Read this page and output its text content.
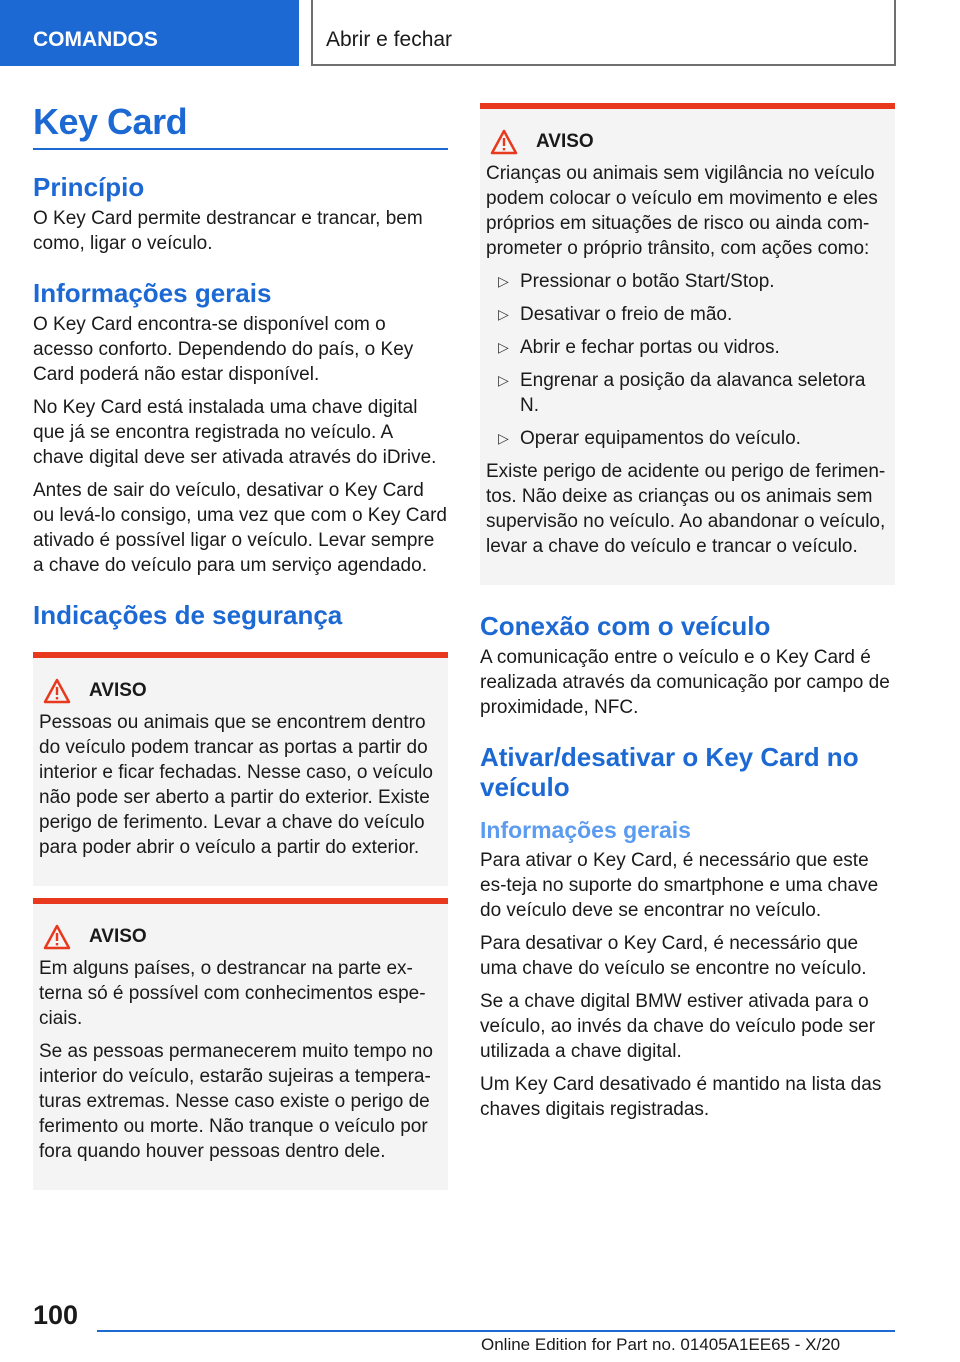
COMANDOS	Abrir e fechar
Key Card
Princípio
O Key Card permite destrancar e trancar, bem como, ligar o veículo.
Informações gerais
O Key Card encontra-se disponível com o acesso conforto. Dependendo do país, o Key Card poderá não estar disponível.
No Key Card está instalada uma chave digital que já se encontra registrada no veículo. A chave digital deve ser ativada através do iDrive.
Antes de sair do veículo, desativar o Key Card ou levá-lo consigo, uma vez que com o Key Card ativado é possível ligar o veículo. Levar sempre a chave do veículo para um serviço agendado.
Indicações de segurança
AVISO
Pessoas ou animais que se encontrem dentro do veículo podem trancar as portas a partir do interior e ficar fechadas. Nesse caso, o veículo não pode ser aberto a partir do exterior. Existe perigo de ferimento. Levar a chave do veículo para poder abrir o veículo a partir do exterior.
AVISO
Em alguns países, o destrancar na parte ex-terna só é possível com conhecimentos espe-ciais.
Se as pessoas permanecerem muito tempo no interior do veículo, estarão sujeiras a tempera-turas extremas. Nesse caso existe o perigo de ferimento ou morte. Não tranque o veículo por fora quando houver pessoas dentro dele.
AVISO
Crianças ou animais sem vigilância no veículo podem colocar o veículo em movimento e eles próprios em situações de risco ou ainda com-prometer o próprio trânsito, com ações como:
▷ Pressionar o botão Start/Stop.
▷ Desativar o freio de mão.
▷ Abrir e fechar portas ou vidros.
▷ Engrenar a posição da alavanca seletora N.
▷ Operar equipamentos do veículo.
Existe perigo de acidente ou perigo de ferimen-tos. Não deixe as crianças ou os animais sem supervisão no veículo. Ao abandonar o veículo, levar a chave do veículo e trancar o veículo.
Conexão com o veículo
A comunicação entre o veículo e o Key Card é realizada através da comunicação por campo de proximidade, NFC.
Ativar/desativar o Key Card no veículo
Informações gerais
Para ativar o Key Card, é necessário que este es-teja no suporte do smartphone e uma chave do veículo deve se encontrar no veículo.
Para desativar o Key Card, é necessário que uma chave do veículo se encontre no veículo.
Se a chave digital BMW estiver ativada para o veículo, ao invés da chave do veículo pode ser utilizada a chave digital.
Um Key Card desativado é mantido na lista das chaves digitais registradas.
100
Online Edition for Part no. 01405A1EE65 - X/20
